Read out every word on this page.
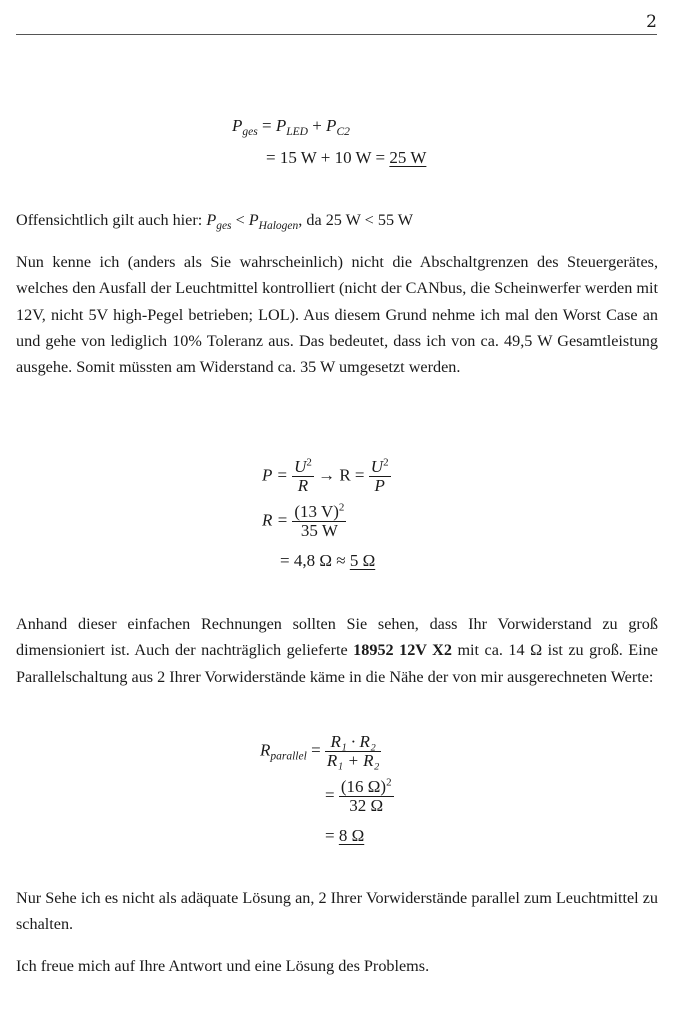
2
$P_{ges} = P_{LED} + P_{C2}$
= 15 W + 10 W = 25 W
Offensichtlich gilt auch hier: $P_{ges} < P_{Halogen}$, da 25 W < 55 W
Nun kenne ich (anders als Sie wahrscheinlich) nicht die Abschaltgrenzen des Steuergerätes, welches den Ausfall der Leuchtmittel kontrolliert (nicht der CANbus, die Scheinwerfer werden mit 12V, nicht 5V high-Pegel betrieben; LOL). Aus diesem Grund nehme ich mal den Worst Case an und gehe von lediglich 10% Toleranz aus. Das bedeutet, dass ich von ca. 49,5 W Gesamtleistung ausgehe. Somit müssten am Widerstand ca. 35 W umgesetzt werden.
$P = \frac{U^2}{R} \to R = \frac{U^2}{P}$
$R = \frac{(13 V)^2}{35 W}$
= 4,8 Ω ≈ 5 Ω
Anhand dieser einfachen Rechnungen sollten Sie sehen, dass Ihr Vorwiderstand zu groß dimensioniert ist. Auch der nachträglich gelieferte 18952 12V X2 mit ca. 14 Ω ist zu groß. Eine Parallelschaltung aus 2 Ihrer Vorwiderstände käme in die Nähe der von mir ausgerechneten Werte:
$R_{parallel} = \frac{\text{R₁ · R₂}}{\text{R₁ + R₂}}$
= $\frac{(16 \Omega)^2}{32 \Omega}$
= 8 Ω
Nur Sehe ich es nicht als adäquate Lösung an, 2 Ihrer Vorwiderstände parallel zum Leuchtmittel zu schalten.
Ich freue mich auf Ihre Antwort und eine Lösung des Problems.
